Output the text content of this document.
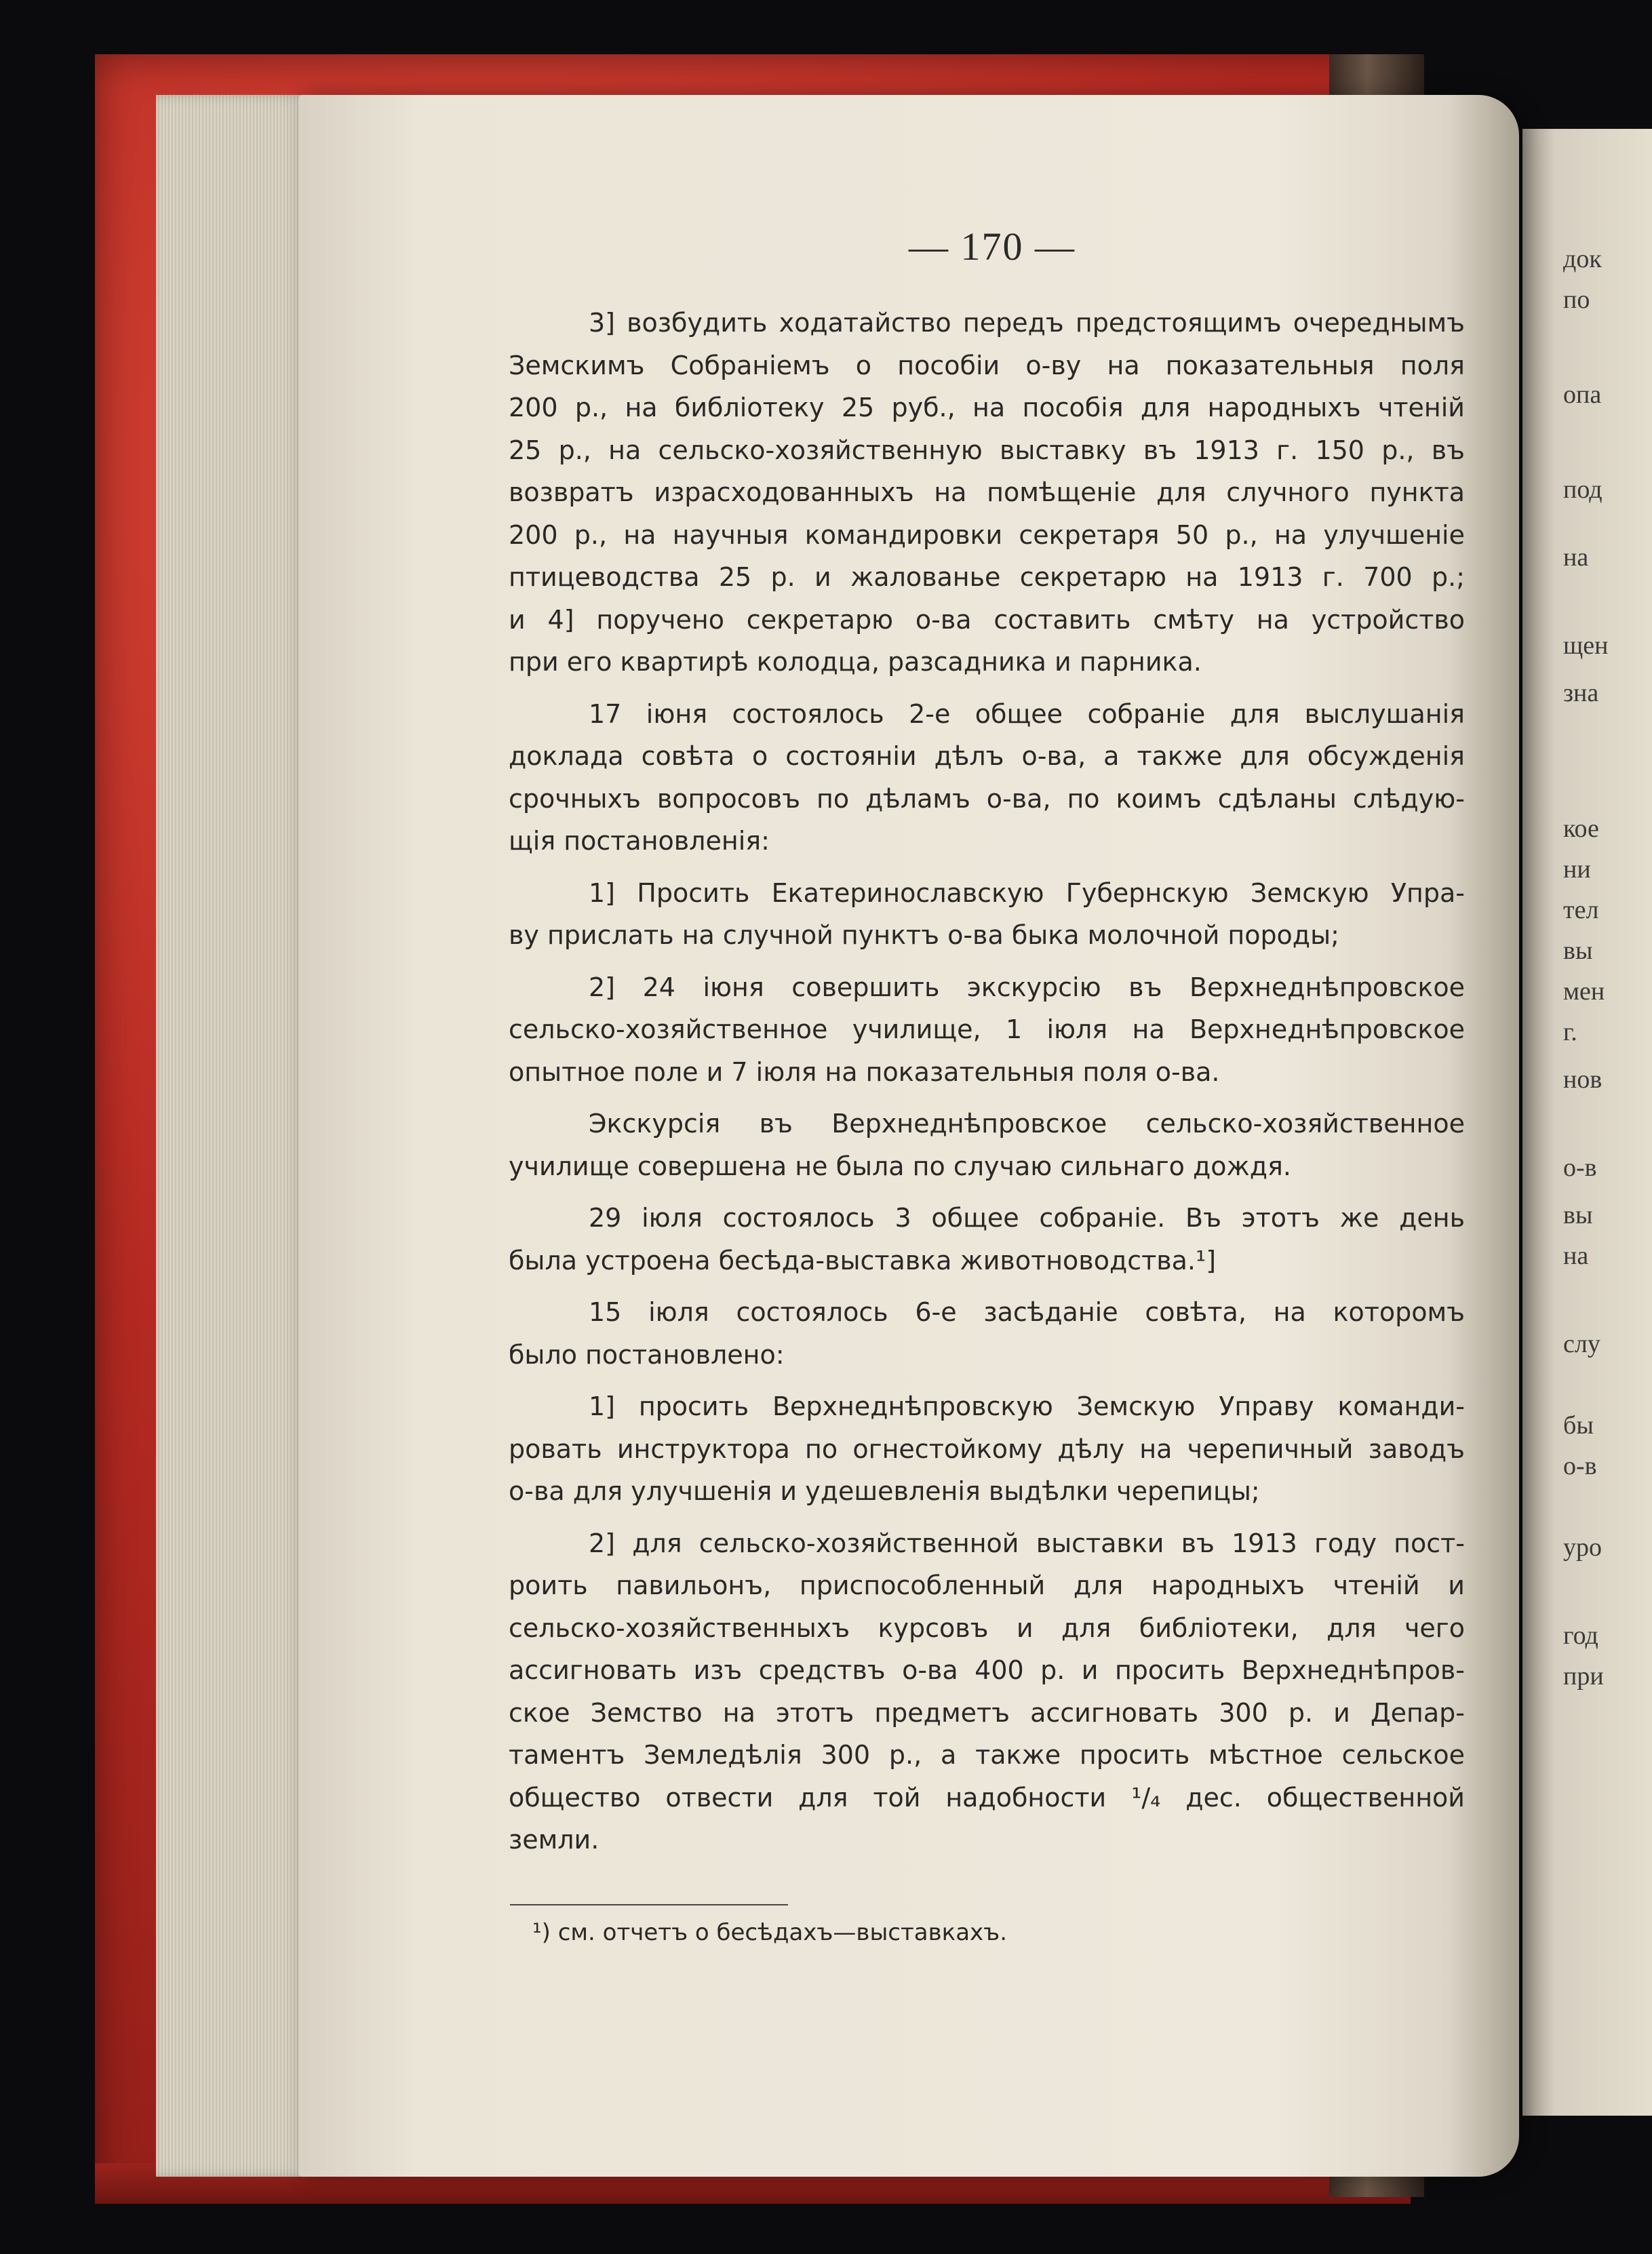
док
по
опа
под
на
щен
зна
кое
ни
тел
вы
мен
г.
нов
о-в
вы
на
слу
бы
о-в
уро
год
при
— 170 —

3] возбудить ходатайство передъ предстоящимъ очереднымъ
Земскимъ Собраніемъ о пособіи о-ву на показательныя поля
200 р., на библіотеку 25 руб., на пособія для народныхъ чтеній
25 р., на сельско-хозяйственную выставку въ 1913 г. 150 р., въ
возвратъ израсходованныхъ на помѣщеніе для случного пункта
200 р., на научныя командировки секретаря 50 р., на улучшеніе
птицеводства 25 р. и жалованье секретарю на 1913 г. 700 р.;
и 4] поручено секретарю о-ва составить смѣту на устройство
при его квартирѣ колодца, разсадника и парника.

17 іюня состоялось 2-е общее собраніе для выслушанія
доклада совѣта о состояніи дѣлъ о-ва, а также для обсужденія
срочныхъ вопросовъ по дѣламъ о-ва, по коимъ сдѣланы слѣдую-
щія постановленія:

1] Просить Екатеринославскую Губернскую Земскую Упра-
ву прислать на случной пунктъ о-ва быка молочной породы;

2] 24 іюня совершить экскурсію въ Верхнеднѣпровское
сельско-хозяйственное училище, 1 іюля на Верхнеднѣпровское
опытное поле и 7 іюля на показательныя поля о-ва.

Экскурсія въ Верхнеднѣпровское сельско-хозяйственное
училище совершена не была по случаю сильнаго дождя.

29 іюля состоялось 3 общее собраніе. Въ этотъ же день
была устроена бесѣда-выставка животноводства.¹]

15 іюля состоялось 6-е засѣданіе совѣта, на которомъ
было постановлено:

1] просить Верхнеднѣпровскую Земскую Управу команди-
ровать инструктора по огнестойкому дѣлу на черепичный заводъ
о-ва для улучшенія и удешевленія выдѣлки черепицы;

2] для сельско-хозяйственной выставки въ 1913 году пост-
роить павильонъ, приспособленный для народныхъ чтеній и
сельско-хозяйственныхъ курсовъ и для библіотеки, для чего
ассигновать изъ средствъ о-ва 400 р. и просить Верхнеднѣпров-
ское Земство на этотъ предметъ ассигновать 300 р. и Депар-
таментъ Земледѣлія 300 р., а также просить мѣстное сельское
общество отвести для той надобности ¹/₄ дес. общественной
земли.

¹) см. отчетъ о бесѣдахъ—выставкахъ.
